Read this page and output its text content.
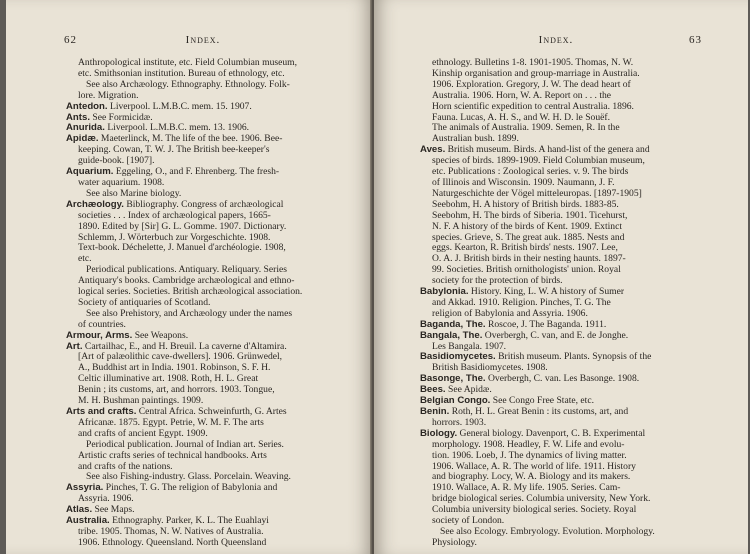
62	Index.
Anthropological institute, etc. Field Columbian museum,
etc. Smithsonian institution. Bureau of ethnology, etc.
See also Archæology. Ethnography. Ethnology. Folk-
lore. Migration.
Antedon. Liverpool. L.M.B.C. mem. 15. 1907.
Ants. See Formicidæ.
Anurida. Liverpool. L.M.B.C. mem. 13. 1906.
Apidæ. Maeterlinck, M. The life of the bee. 1906. Bee-
keeping. Cowan, T. W. J. The British bee-keeper's
guide-book. [1907].
Aquarium. Eggeling, O., and F. Ehrenberg. The fresh-
water aquarium. 1908.
See also Marine biology.
Archæology. Bibliography. Congress of archæological
societies . . . Index of archæological papers, 1665-
1890. Edited by [Sir] G. L. Gomme. 1907. Dictionary.
Schlemm, J. Wörterbuch zur Vorgeschichte. 1908.
Text-book. Déchelette, J. Manuel d'archéologie. 1908,
etc.
Periodical publications. Antiquary. Reliquary. Series
Antiquary's books. Cambridge archæological and ethno-
logical series. Societies. British archæological association.
Society of antiquaries of Scotland.
See also Prehistory, and Archæology under the names
of countries.
Armour, Arms. See Weapons.
Art. Cartailhac, E., and H. Breuil. La caverne d'Altamira.
[Art of palæolithic cave-dwellers]. 1906. Grünwedel,
A., Buddhist art in India. 1901. Robinson, S. F. H.
Celtic illuminative art. 1908. Roth, H. L. Great
Benin ; its customs, art, and horrors. 1903. Tongue,
M. H. Bushman paintings. 1909.
Arts and crafts. Central Africa. Schweinfurth, G. Artes
Africanæ. 1875. Egypt. Petrie, W. M. F. The arts
and crafts of ancient Egypt. 1909.
Periodical publication. Journal of Indian art. Series.
Artistic crafts series of technical handbooks. Arts
and crafts of the nations.
See also Fishing-industry. Glass. Porcelain. Weaving.
Assyria. Pinches, T. G. The religion of Babylonia and
Assyria. 1906.
Atlas. See Maps.
Australia. Ethnography. Parker, K. L. The Euahlayi
tribe. 1905. Thomas, N. W. Natives of Australia.
1906. Ethnology. Queensland. North Queensland
Index.	63
ethnology. Bulletins 1-8. 1901-1905. Thomas, N. W.
Kinship organisation and group-marriage in Australia.
1906. Exploration. Gregory, J. W. The dead heart of
Australia. 1906. Horn, W. A. Report on . . . the
Horn scientific expedition to central Australia. 1896.
Fauna. Lucas, A. H. S., and W. H. D. le Souëf.
The animals of Australia. 1909. Semen, R. In the
Australian bush. 1899.
Aves. British museum. Birds. A hand-list of the genera and
species of birds. 1899-1909. Field Columbian museum,
etc. Publications : Zoological series. v. 9. The birds
of Illinois and Wisconsin. 1909. Naumann, J. F.
Naturgeschichte der Vögel mitteleuropas. [1897-1905]
Seebohm, H. A history of British birds. 1883-85.
Seebohm, H. The birds of Siberia. 1901. Ticehurst,
N. F. A history of the birds of Kent. 1909. Extinct
species. Grieve, S. The great auk. 1885. Nests and
eggs. Kearton, R. British birds' nests. 1907. Lee,
O. A. J. British birds in their nesting haunts. 1897-
99. Societies. British ornithologists' union. Royal
society for the protection of birds.
Babylonia. History. King, L. W. A history of Sumer
and Akkad. 1910. Religion. Pinches, T. G. The
religion of Babylonia and Assyria. 1906.
Baganda, The. Roscoe, J. The Baganda. 1911.
Bangala, The. Overbergh, C. van, and E. de Jonghe.
Les Bangala. 1907.
Basidiomycetes. British museum. Plants. Synopsis of the
British Basidiomycetes. 1908.
Basonge, The. Overbergh, C. van. Les Basonge. 1908.
Bees. See Apidæ.
Belgian Congo. See Congo Free State, etc.
Benin. Roth, H. L. Great Benin : its customs, art, and
horrors. 1903.
Biology. General biology. Davenport, C. B. Experimental
morphology. 1908. Headley, F. W. Life and evolu-
tion. 1906. Loeb, J. The dynamics of living matter.
1906. Wallace, A. R. The world of life. 1911. History
and biography. Locy, W. A. Biology and its makers.
1910. Wallace, A. R. My life. 1905. Series. Cam-
bridge biological series. Columbia university, New York.
Columbia university biological series. Society. Royal
society of London.
See also Ecology. Embryology. Evolution. Morphology.
Physiology.
